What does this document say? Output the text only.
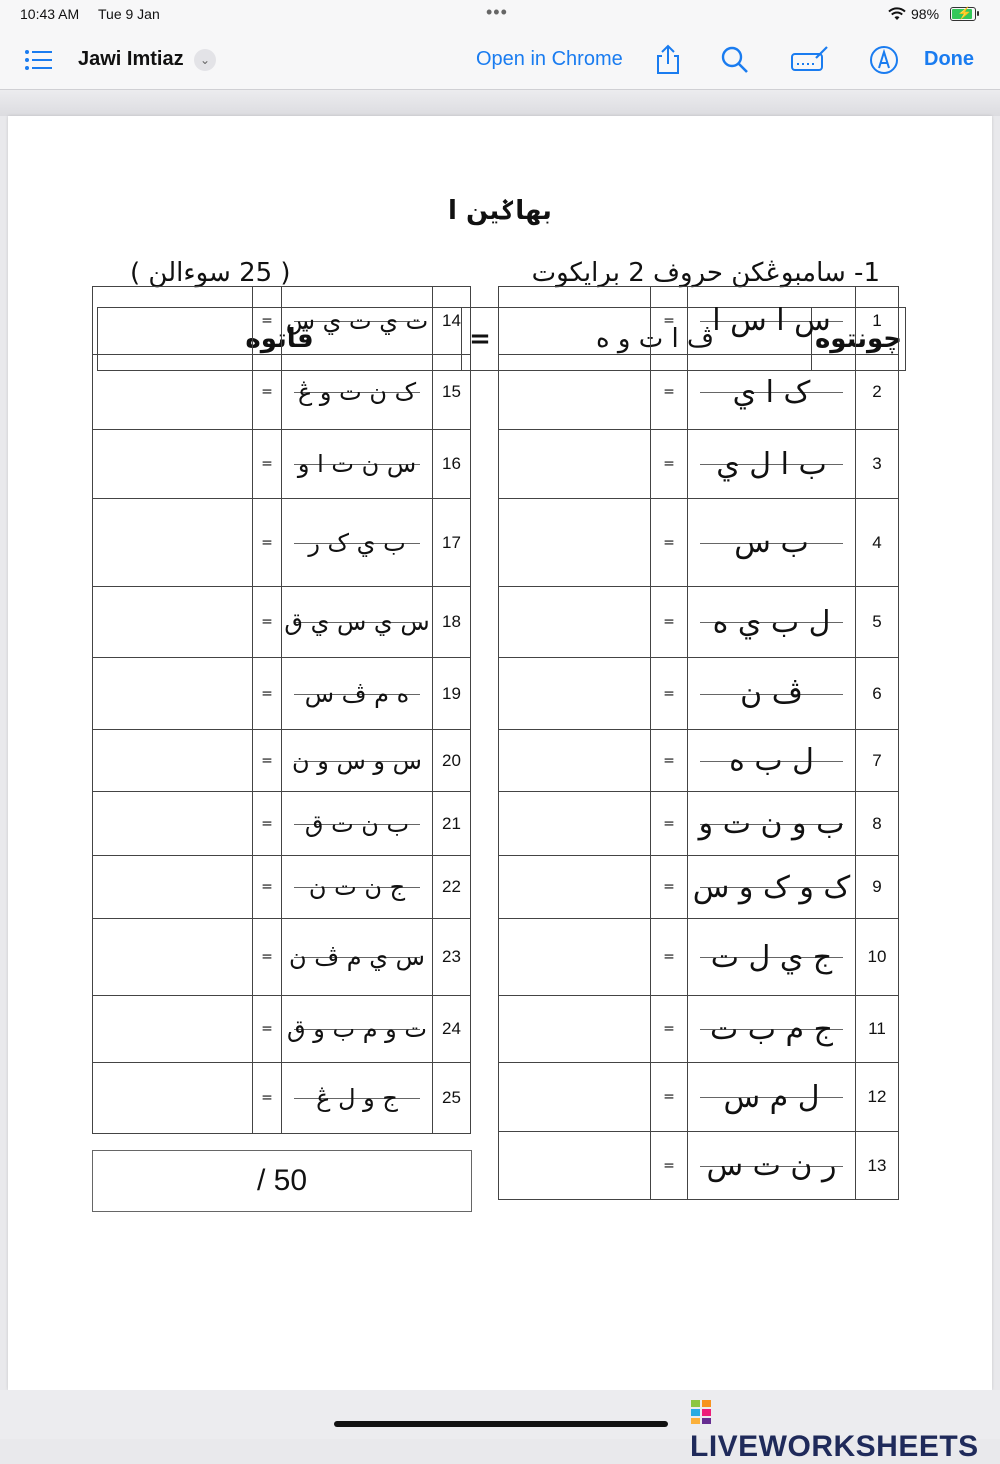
10:43 AM Tue 9 Jan	•••	98% ⚡
Jawi Imtiaz	⌄	Open in Chrome	Done
بهاݢين ا
1- سامبوڠکن حروف 2 برايکوت
( 25 سوءالن )
چونتوه
ڤ ا ت و ه
=
ڤاتوه
	=	س ا س ا	1
	=	ک ا ي	2
	=	ب ا ل ي	3
	=	ب س	4
	=	ل ب ي ه	5
	=	ڤ ن	6
	=	ل ب ه	7
	=	ب و ن ت و	8
	=	ک و ک و س	9
	=	ج ي ل ت	10
	=	ج م ب ت	11
	=	ل م س	12
	=	ر ن ت س	13
	=	ت ي ت ي س	14
	=	ک ن ت و ڠ	15
	=	س ن ت ا و	16
	=	ب ي ک ر	17
	=	س ي س ي ق	18
	=	ه م ڤ س	19
	=	س و س و ن	20
	=	ب ن ت ق	21
	=	ج ن ت ن	22
	=	س ي م ڤ ن	23
	=	ت و م ب و ق	24
	=	ج و ل ڠ	25
/ 50
LIVEWORKSHEETS
